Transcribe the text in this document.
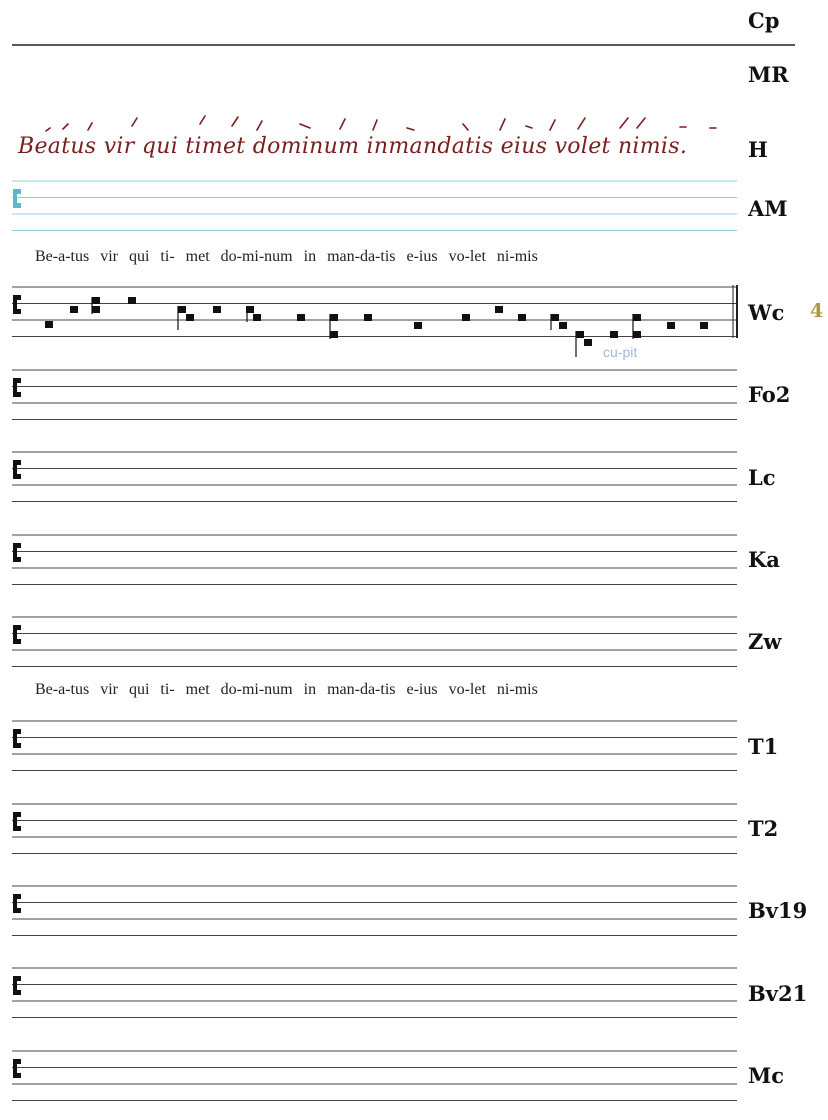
Cp
MR
H
AM
Wc
Fo2
Lc
Ka
Zw
T1
T2
Bv19
Bv21
Mc
4
Beatus vir qui timet dominum inmandatis eius volet nimis.
Be-a-tus vir qui ti- met do-mi-num in man-da-tis e-ius vo-let ni-mis
Be-a-tus vir qui ti- met do-mi-num in man-da-tis e-ius vo-let ni-mis
cu-pit
